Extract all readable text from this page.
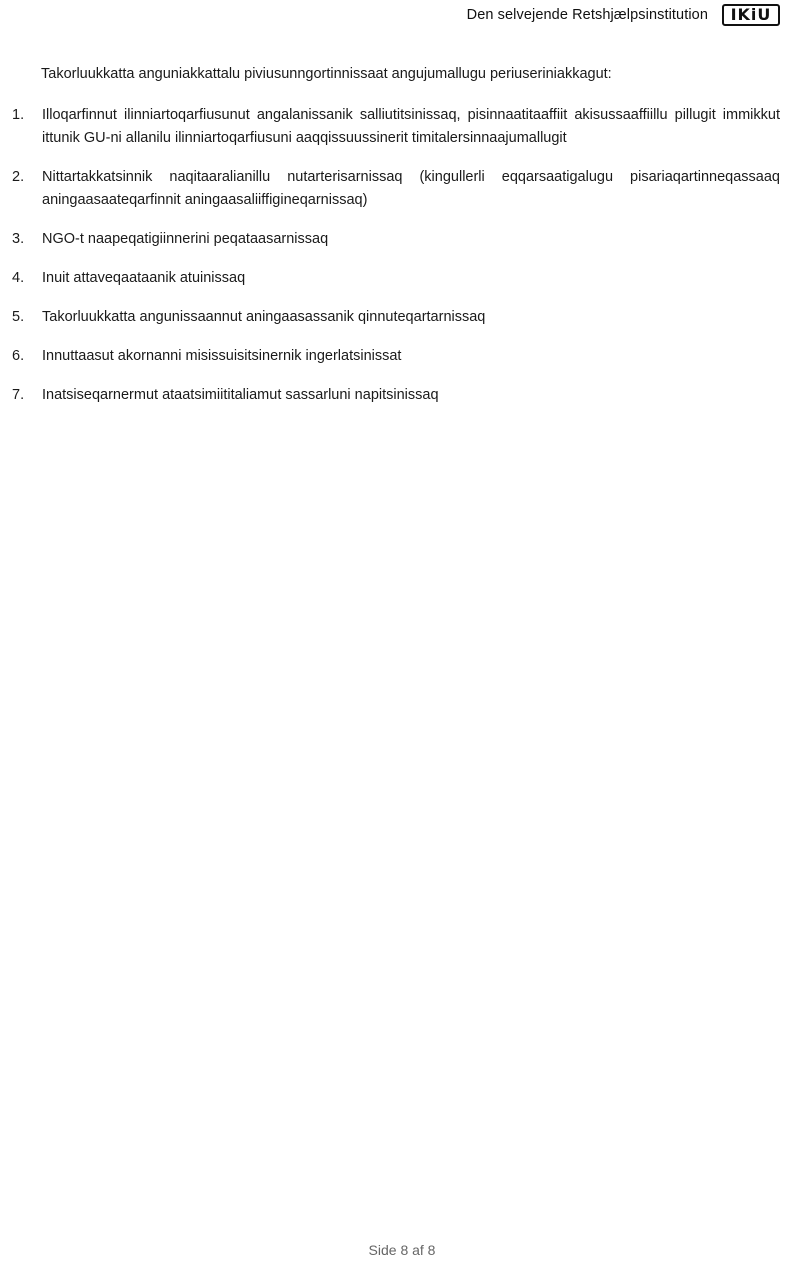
Den selvejende Retshjælpsinstitution	IKiU
Takorluukkatta anguniakkattalu piviusunngortinnissaat angujumallugu periuseriniakkagut:
1.	Illoqarfinnut ilinniartoqarfiusunut angalanissanik salliutitsinissaq, pisinnaatitaaffiit akisussaaffiillu pillugit immikkut ittunik GU-ni allanilu ilinniartoqarfiusuni aaqqissuussinerit timitalersinnaajumallugit
2.	Nittartakkatsinnik naqitaaralianillu nutarterisarnissaq (kingullerli eqqarsaatigalugu pisariaqartinneqassaaq aningaasaateqarfinnit aningaasaliiffigineqarnissaq)
3.	NGO-t naapeqatigiinnerini peqataasarnissaq
4.	Inuit attaveqaataanik atuinissaq
5.	Takorluukkatta angunissaannut aningaasassanik qinnuteqartarnissaq
6.	Innuttaasut akornanni misissuisitsinernik ingerlatsinissat
7.	Inatsiseqarnermut ataatsimiititaliamut sassarluni napitsinissaq
Side 8 af 8
